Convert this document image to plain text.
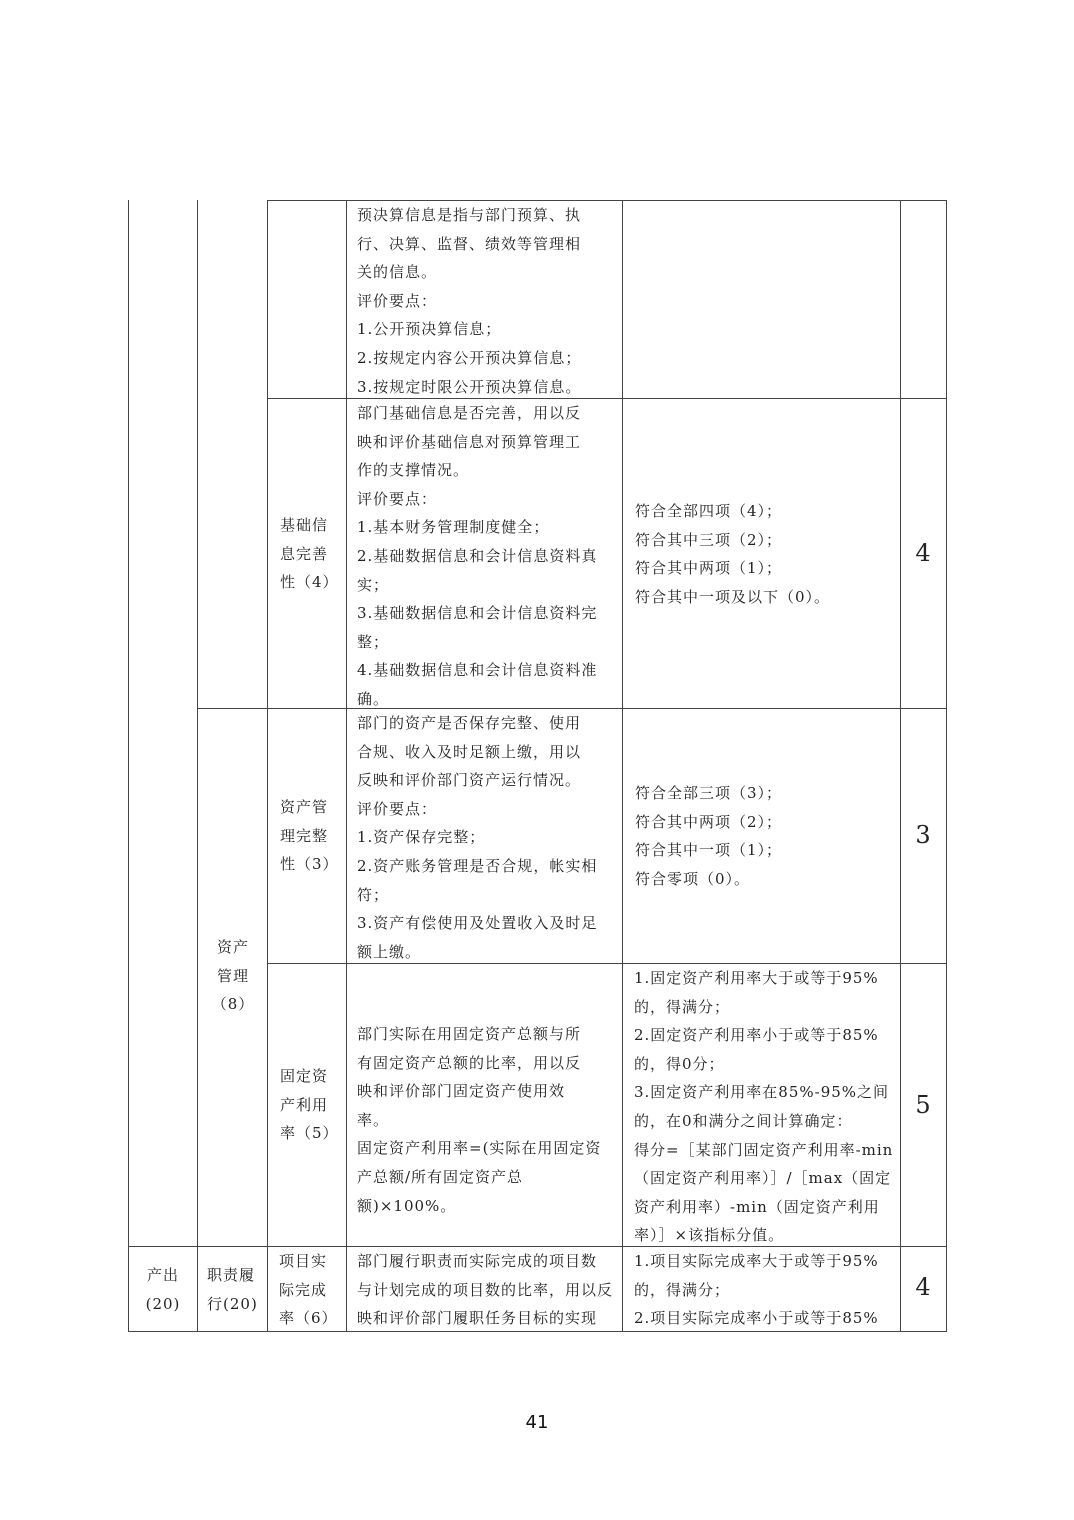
预决算信息是指与部门预算、执
行、决算、监督、绩效等管理相
关的信息。
评价要点：
1.公开预决算信息；
2.按规定内容公开预决算信息；
3.按规定时限公开预决算信息。
基础信
息完善
性（4）
部门基础信息是否完善，用以反
映和评价基础信息对预算管理工
作的支撑情况。
评价要点：
1.基本财务管理制度健全；
2.基础数据信息和会计信息资料真
实；
3.基础数据信息和会计信息资料完
整；
4.基础数据信息和会计信息资料准
确。
符合全部四项（4）；
符合其中三项（2）；
符合其中两项（1）；
符合其中一项及以下（0）。
4
资产
管理
（8）
资产管
理完整
性（3）
部门的资产是否保存完整、使用
合规、收入及时足额上缴，用以
反映和评价部门资产运行情况。
评价要点：
1.资产保存完整；
2.资产账务管理是否合规，帐实相
符；
3.资产有偿使用及处置收入及时足
额上缴。
符合全部三项（3）；
符合其中两项（2）；
符合其中一项（1）；
符合零项（0）。
3
固定资
产利用
率（5）
部门实际在用固定资产总额与所
有固定资产总额的比率，用以反
映和评价部门固定资产使用效
率。
固定资产利用率=(实际在用固定资
产总额/所有固定资产总额)×100%。
1.固定资产利用率大于或等于95%
的，得满分；
2.固定资产利用率小于或等于85%
的，得0分；
3.固定资产利用率在85%-95%之间
的，在0和满分之间计算确定：
得分=［某部门固定资产利用率-min
（固定资产利用率）］/［max（固定
资产利用率）-min（固定资产利用
率）］×该指标分值。
5
产出
(20)
职责履
行(20)
项目实
际完成
率（6）
部门履行职责而实际完成的项目数
与计划完成的项目数的比率，用以反
映和评价部门履职任务目标的实现
1.项目实际完成率大于或等于95%
的，得满分；
2.项目实际完成率小于或等于85%
4
41
